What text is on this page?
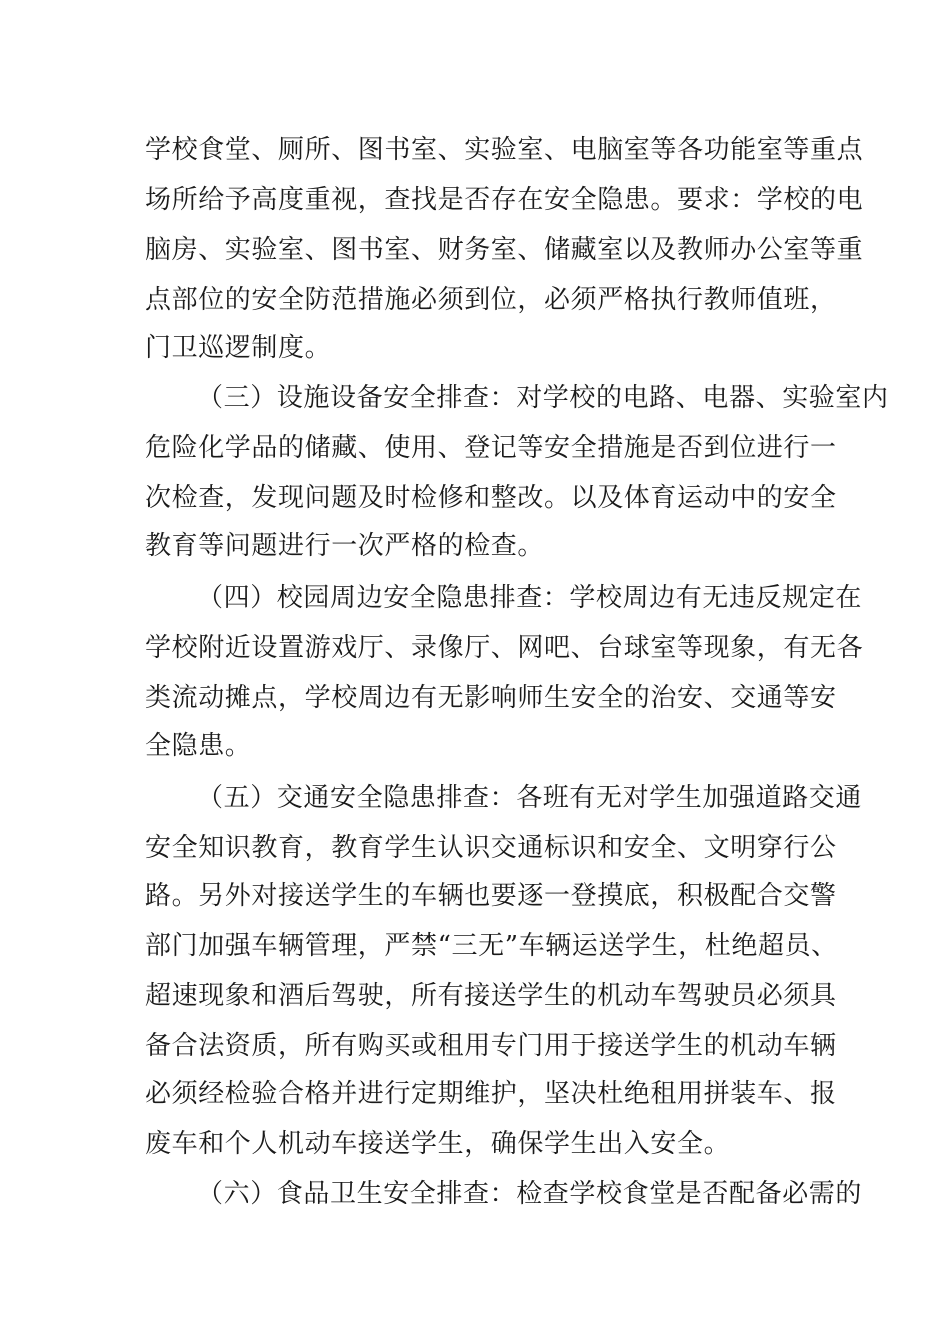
学校食堂、厕所、图书室、实验室、电脑室等各功能室等重点
场所给予高度重视，查找是否存在安全隐患。要求：学校的电
脑房、实验室、图书室、财务室、储藏室以及教师办公室等重
点部位的安全防范措施必须到位，必须严格执行教师值班，
门卫巡逻制度。
（三）设施设备安全排查：对学校的电路、电器、实验室内
危险化学品的储藏、使用、登记等安全措施是否到位进行一
次检查，发现问题及时检修和整改。以及体育运动中的安全
教育等问题进行一次严格的检查。
（四）校园周边安全隐患排查：学校周边有无违反规定在
学校附近设置游戏厅、录像厅、网吧、台球室等现象，有无各
类流动摊点，学校周边有无影响师生安全的治安、交通等安
全隐患。
（五）交通安全隐患排查：各班有无对学生加强道路交通
安全知识教育，教育学生认识交通标识和安全、文明穿行公
路。另外对接送学生的车辆也要逐一登摸底，积极配合交警
部门加强车辆管理，严禁“三无”车辆运送学生，杜绝超员、
超速现象和酒后驾驶，所有接送学生的机动车驾驶员必须具
备合法资质，所有购买或租用专门用于接送学生的机动车辆
必须经检验合格并进行定期维护，坚决杜绝租用拼装车、报
废车和个人机动车接送学生，确保学生出入安全。
（六）食品卫生安全排查：检查学校食堂是否配备必需的
